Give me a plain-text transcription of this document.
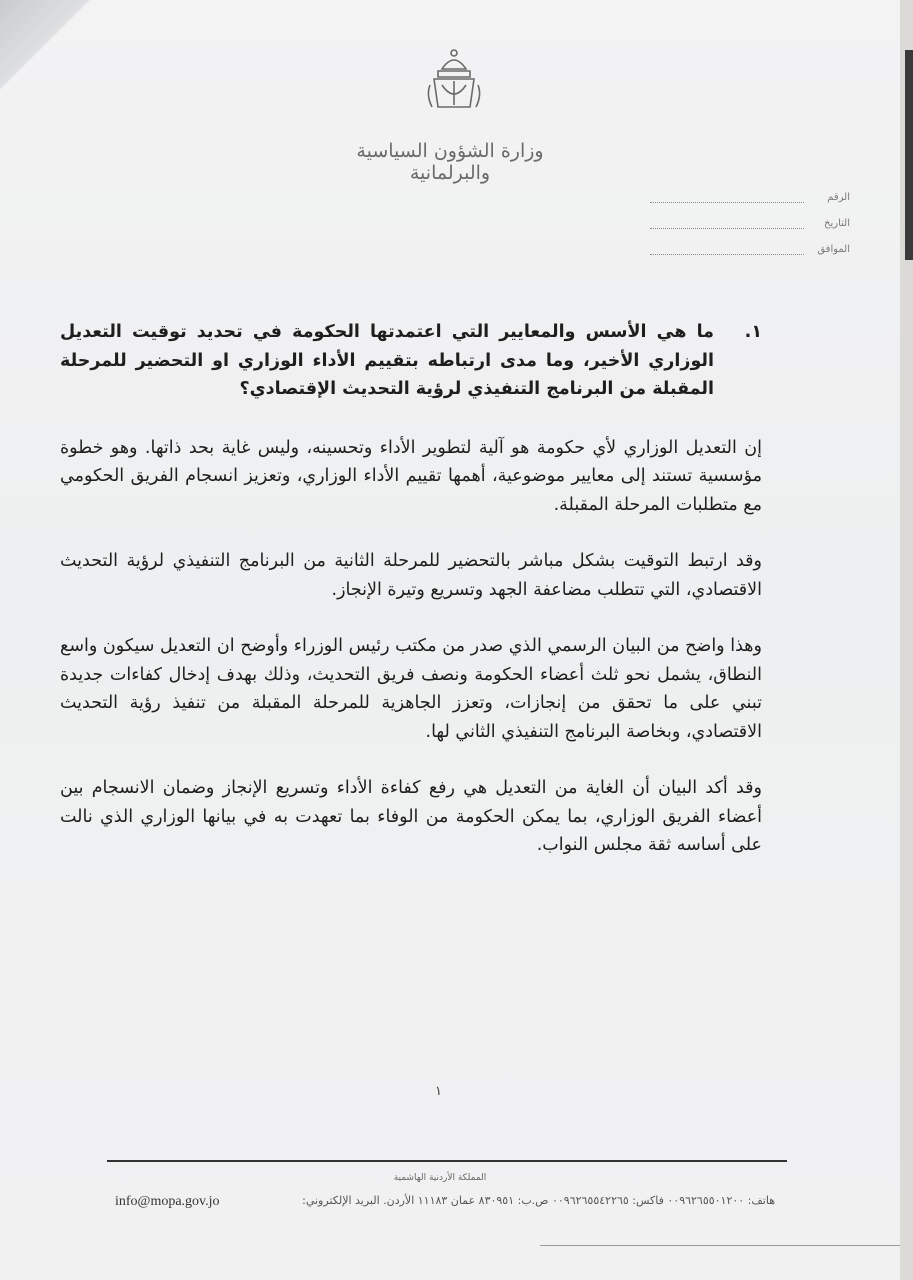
وزارة الشؤون السياسية والبرلمانية
الرقم
التاريخ
الموافق

١.
ما هي الأسس والمعايير التي اعتمدتها الحكومة في تحديد توقيت التعديل الوزاري الأخير، وما مدى ارتباطه بتقييم الأداء الوزاري او التحضير للمرحلة المقبلة من البرنامج التنفيذي لرؤية التحديث الإقتصادي؟

إن التعديل الوزاري لأي حكومة هو آلية لتطوير الأداء وتحسينه، وليس غاية بحد ذاتها. وهو خطوة مؤسسية تستند إلى معايير موضوعية، أهمها تقييم الأداء الوزاري، وتعزيز انسجام الفريق الحكومي مع متطلبات المرحلة المقبلة.

وقد ارتبط التوقيت بشكل مباشر بالتحضير للمرحلة الثانية من البرنامج التنفيذي لرؤية التحديث الاقتصادي، التي تتطلب مضاعفة الجهد وتسريع وتيرة الإنجاز.

وهذا واضح من البيان الرسمي الذي صدر من مكتب رئيس الوزراء وأوضح ان التعديل سيكون واسع النطاق، يشمل نحو ثلث أعضاء الحكومة ونصف فريق التحديث، وذلك بهدف إدخال كفاءات جديدة تبني على ما تحقق من إنجازات، وتعزز الجاهزية للمرحلة المقبلة من تنفيذ رؤية التحديث الاقتصادي، وبخاصة البرنامج التنفيذي الثاني لها.

وقد أكد البيان أن الغاية من التعديل هي رفع كفاءة الأداء وتسريع الإنجاز وضمان الانسجام بين أعضاء الفريق الوزاري، بما يمكن الحكومة من الوفاء بما تعهدت به في بيانها الوزاري الذي نالت على أساسه ثقة مجلس النواب.

١
المملكة الأردنية الهاشمية
info@mopa.gov.jo	هاتف: ٠٠٩٦٢٦٥٥٠١٢٠٠ فاكس: ٠٠٩٦٢٦٥٥٤٢٢٦٥ ص.ب: ٨٣٠٩٥١ عمان ١١١٨٣ الأردن. البريد الإلكتروني:
